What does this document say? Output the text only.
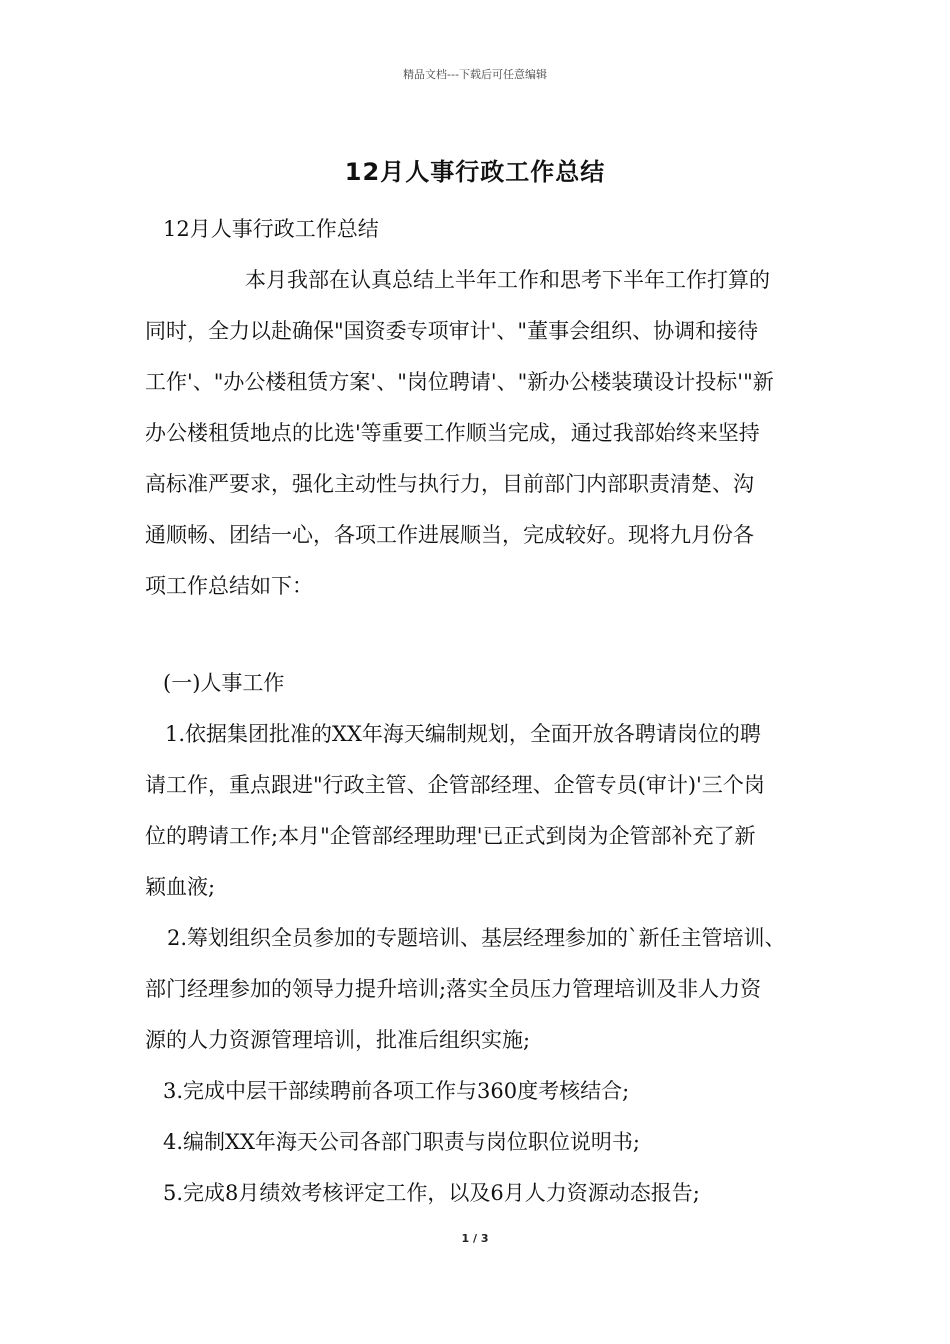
精品文档---下载后可任意编辑
12月人事行政工作总结
12月人事行政工作总结
本月我部在认真总结上半年工作和思考下半年工作打算的
同时，全力以赴确保"国资委专项审计'、"董事会组织、协调和接待
工作'、"办公楼租赁方案'、"岗位聘请'、"新办公楼装璜设计投标'"新
办公楼租赁地点的比选'等重要工作顺当完成，通过我部始终来坚持
高标准严要求，强化主动性与执行力，目前部门内部职责清楚、沟
通顺畅、团结一心，各项工作进展顺当，完成较好。现将九月份各
项工作总结如下：
(一)人事工作
1.依据集团批准的XX年海天编制规划，全面开放各聘请岗位的聘
请工作，重点跟进"行政主管、企管部经理、企管专员(审计)'三个岗
位的聘请工作;本月"企管部经理助理'已正式到岗为企管部补充了新
颖血液;
2.筹划组织全员参加的专题培训、基层经理参加的`新任主管培训、
部门经理参加的领导力提升培训;落实全员压力管理培训及非人力资
源的人力资源管理培训，批准后组织实施;
3.完成中层干部续聘前各项工作与360度考核结合;
4.编制XX年海天公司各部门职责与岗位职位说明书;
5.完成8月绩效考核评定工作，以及6月人力资源动态报告;
1 / 3
